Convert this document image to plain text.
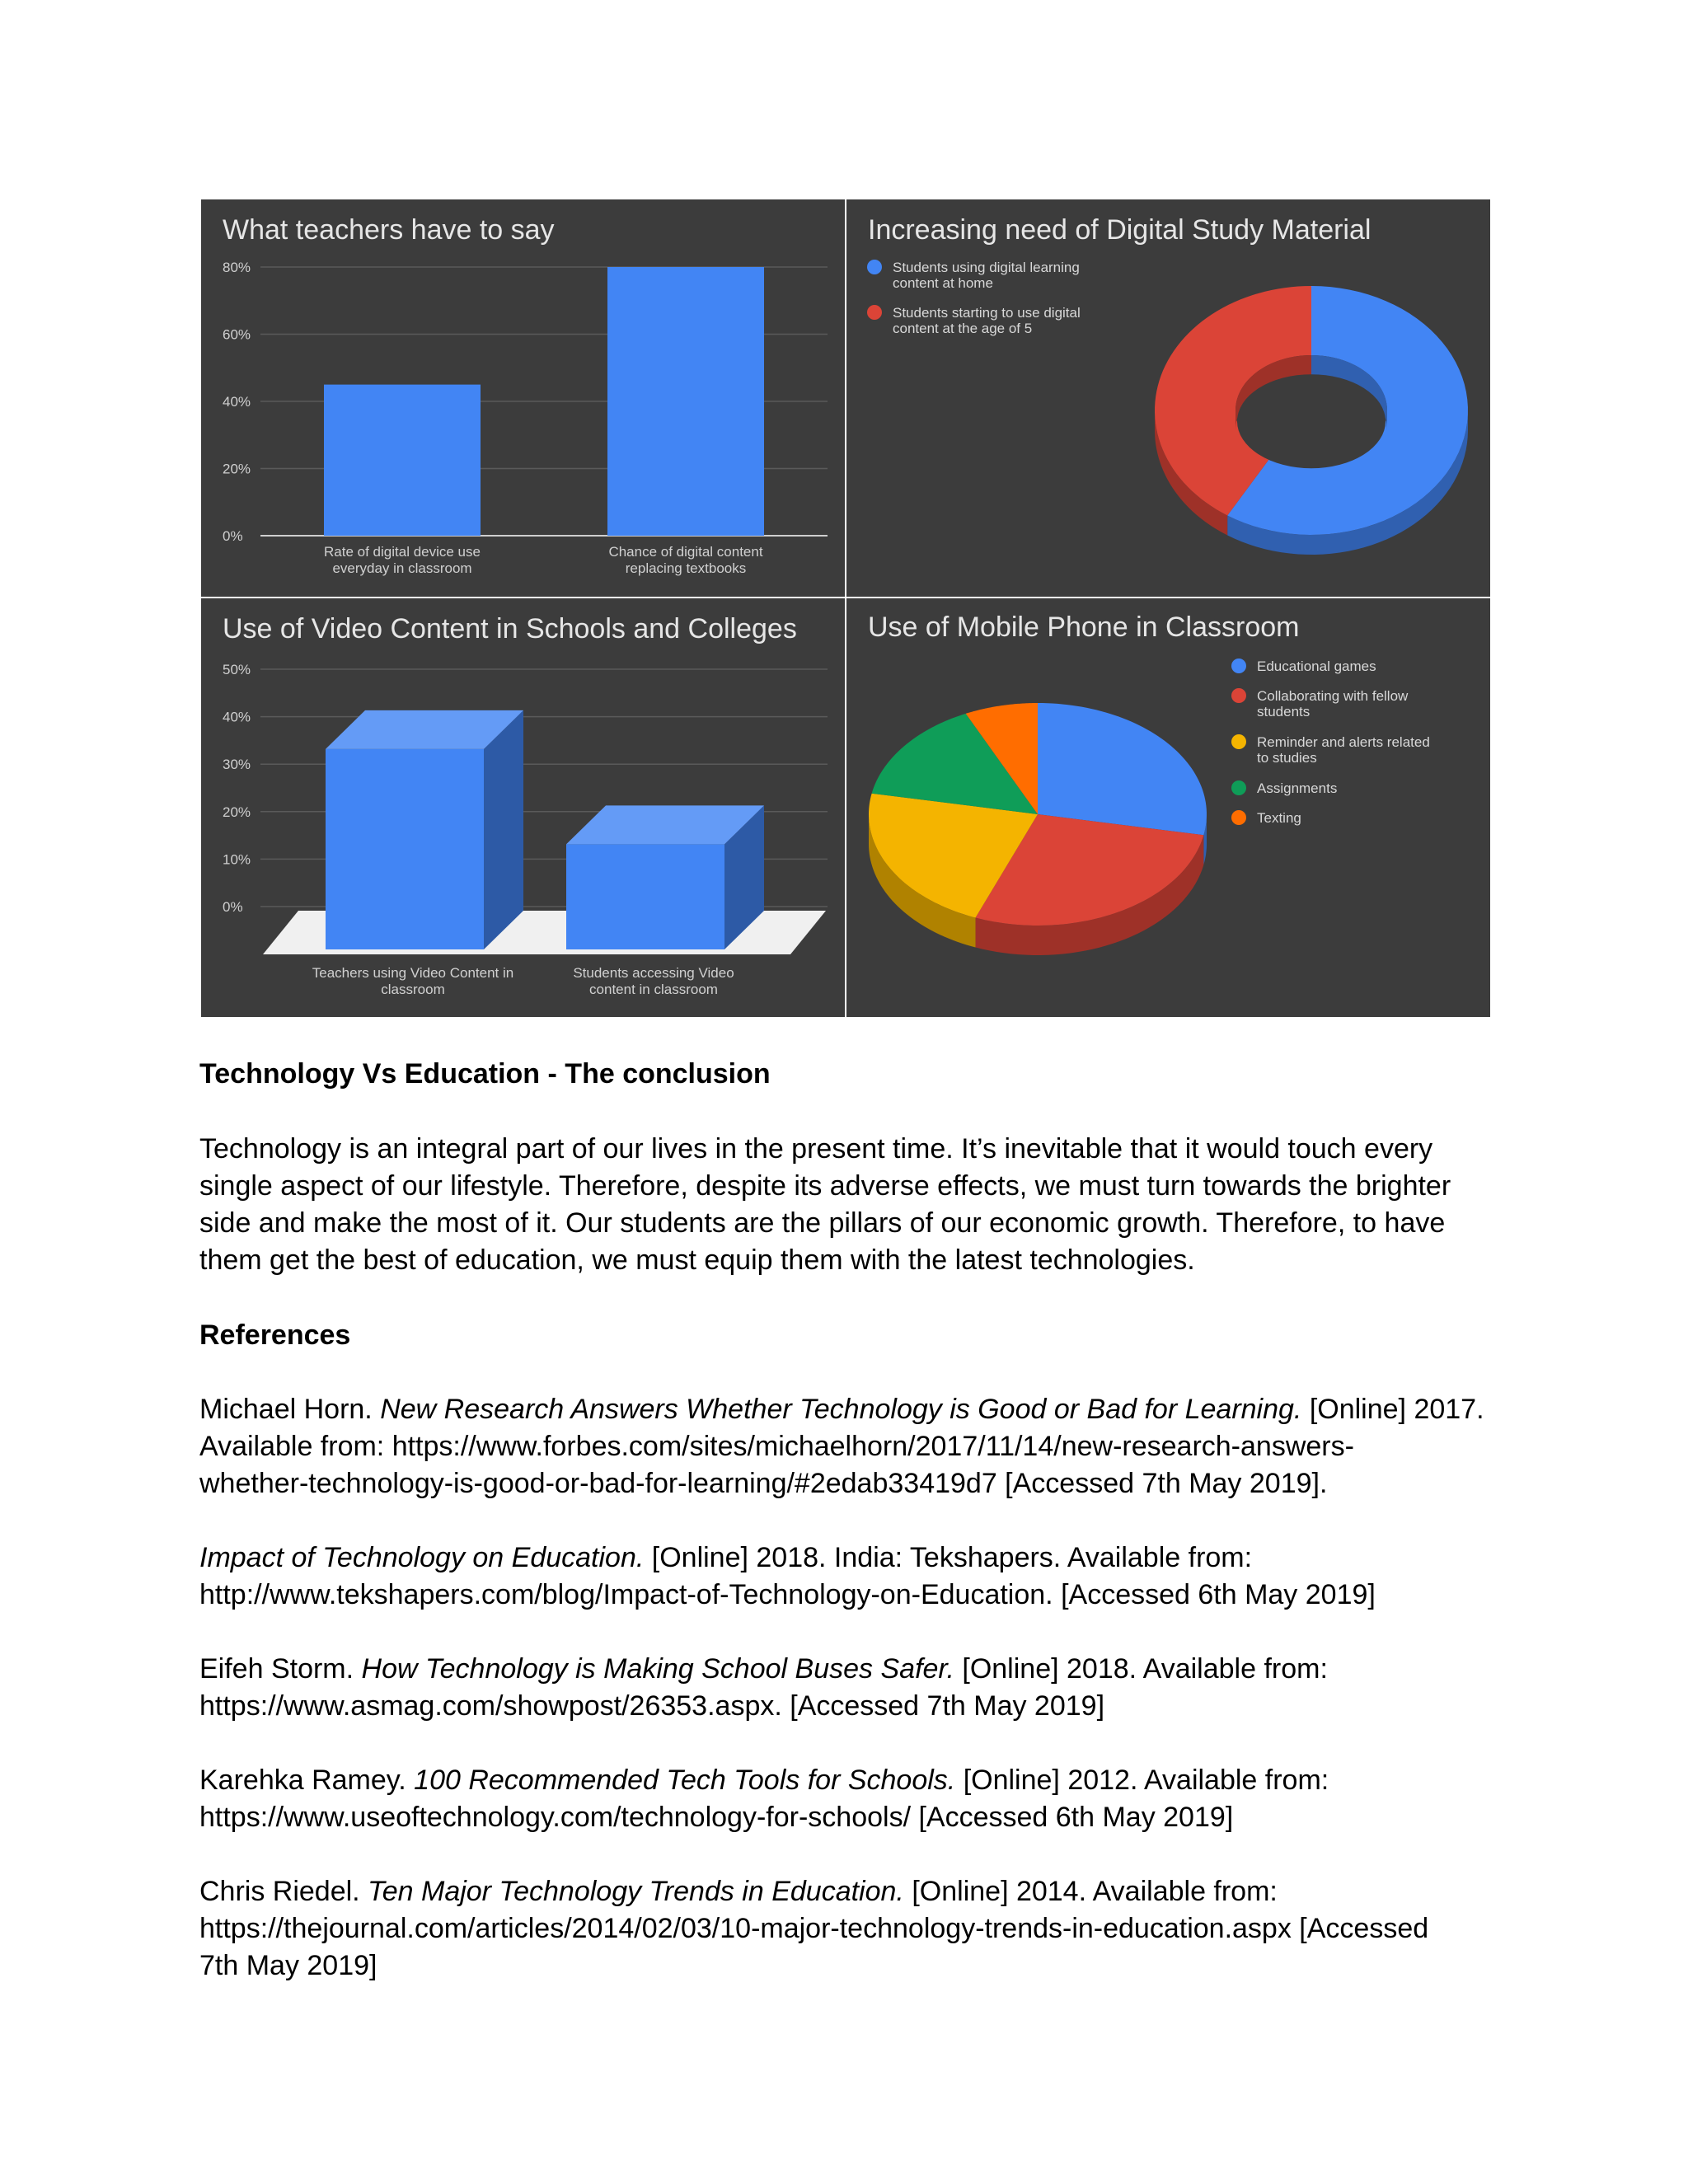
What teachers have to say
0%
20%
40%
60%
80%
Rate of digital device use
everyday in classroom
Chance of digital content
replacing textbooks
Increasing need of Digital Study Material
Students using digital learning
content at home
Students starting to use digital
content at the age of 5
Use of Video Content in Schools and Colleges
0%
10%
20%
30%
40%
50%
Teachers using Video Content in
classroom
Students accessing Video
content in classroom
Use of Mobile Phone in Classroom
Educational games
Collaborating with fellow
students
Reminder and alerts related
to studies
Assignments
Texting

Technology Vs Education - The conclusion

Technology is an integral part of our lives in the present time. It’s inevitable that it would touch every

single aspect of our lifestyle. Therefore, despite its adverse effects, we must turn towards the brighter

side and make the most of it. Our students are the pillars of our economic growth. Therefore, to have

them get the best of education, we must equip them with the latest technologies.

References

Michael Horn. New Research Answers Whether Technology is Good or Bad for Learning. [Online] 2017.

Available from: https://www.forbes.com/sites/michaelhorn/2017/11/14/new-research-answers-

whether-technology-is-good-or-bad-for-learning/#2edab33419d7 [Accessed 7th May 2019].

Impact of Technology on Education. [Online] 2018. India: Tekshapers. Available from:

http://www.tekshapers.com/blog/Impact-of-Technology-on-Education. [Accessed 6th May 2019]

Eifeh Storm. How Technology is Making School Buses Safer. [Online] 2018. Available from:

https://www.asmag.com/showpost/26353.aspx. [Accessed 7th May 2019]

Karehka Ramey. 100 Recommended Tech Tools for Schools. [Online] 2012. Available from:

https://www.useoftechnology.com/technology-for-schools/ [Accessed 6th May 2019]

Chris Riedel. Ten Major Technology Trends in Education. [Online] 2014. Available from:

https://thejournal.com/articles/2014/02/03/10-major-technology-trends-in-education.aspx [Accessed

7th May 2019]
